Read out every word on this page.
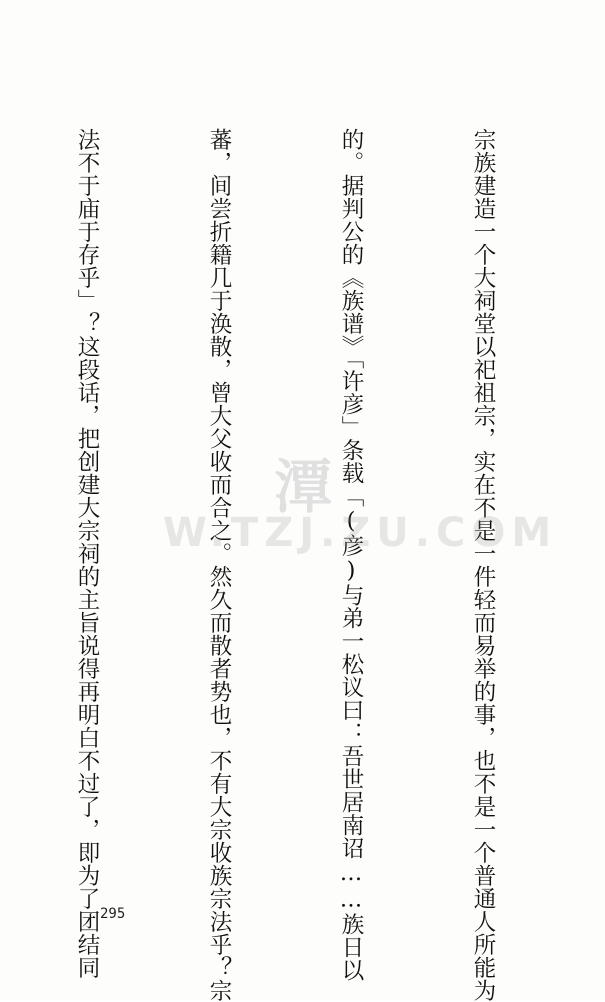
宗族建造一个大祠堂以祀祖宗，实在不是一件轻而易举的事，也不是一个普通人所能为

的。据判公的《族谱》「许彦」条载「(彦)与弟一松议曰：吾世居南诏……族日以

蕃，间尝折籍几于涣散，曾大父收而合之。然久而散者势也，不有大宗收族宗法乎？宗

法不于庙于存乎」？这段话，把创建大宗祠的主旨说得再明白不过了，即为了团结同

	潭
W.TZJ.ZU.COM
295
